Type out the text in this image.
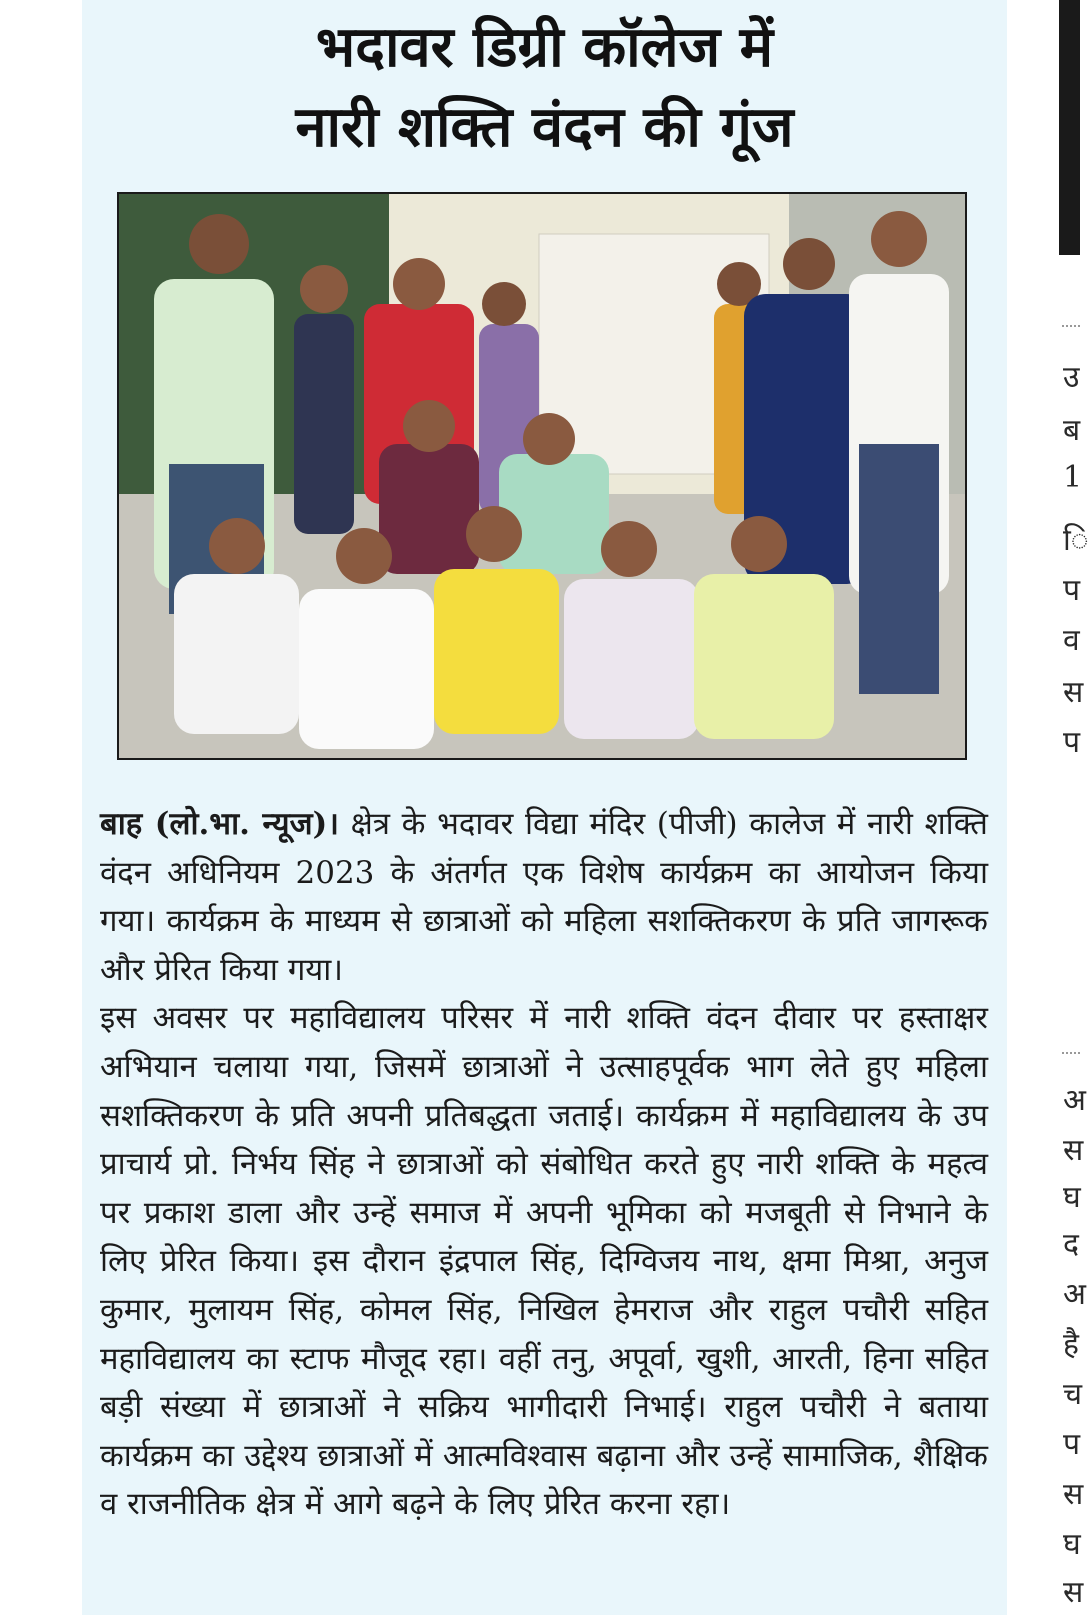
भदावर डिग्री कॉलेज में
नारी शक्ति वंदन की गूंज

बाह (लो.भा. न्यूज)। क्षेत्र के भदावर विद्या मंदिर (पीजी) कालेज में नारी शक्ति वंदन अधिनियम 2023 के अंतर्गत एक विशेष कार्यक्रम का आयोजन किया गया। कार्यक्रम के माध्यम से छात्राओं को महिला सशक्तिकरण के प्रति जागरूक और प्रेरित किया गया।

इस अवसर पर महाविद्यालय परिसर में नारी शक्ति वंदन दीवार पर हस्ताक्षर अभियान चलाया गया, जिसमें छात्राओं ने उत्साहपूर्वक भाग लेते हुए महिला सशक्तिकरण के प्रति अपनी प्रतिबद्धता जताई। कार्यक्रम में महाविद्यालय के उप प्राचार्य प्रो. निर्भय सिंह ने छात्राओं को संबोधित करते हुए नारी शक्ति के महत्व पर प्रकाश डाला और उन्हें समाज में अपनी भूमिका को मजबूती से निभाने के लिए प्रेरित किया। इस दौरान इंद्रपाल सिंह, दिग्विजय नाथ, क्षमा मिश्रा, अनुज कुमार, मुलायम सिंह, कोमल सिंह, निखिल हेमराज और राहुल पचौरी सहित महाविद्यालय का स्टाफ मौजूद रहा। वहीं तनु, अपूर्वा, खुशी, आरती, हिना सहित बड़ी संख्या में छात्राओं ने सक्रिय भागीदारी निभाई। राहुल पचौरी ने बताया कार्यक्रम का उद्देश्य छात्राओं में आत्मविश्वास बढ़ाना और उन्हें सामाजिक, शैक्षिक व राजनीतिक क्षेत्र में आगे बढ़ने के लिए प्रेरित करना रहा।

उ
ब
1
ि
प
व
स
प
अ
स
घ
द
अ
है
च
प
स
घ
स
